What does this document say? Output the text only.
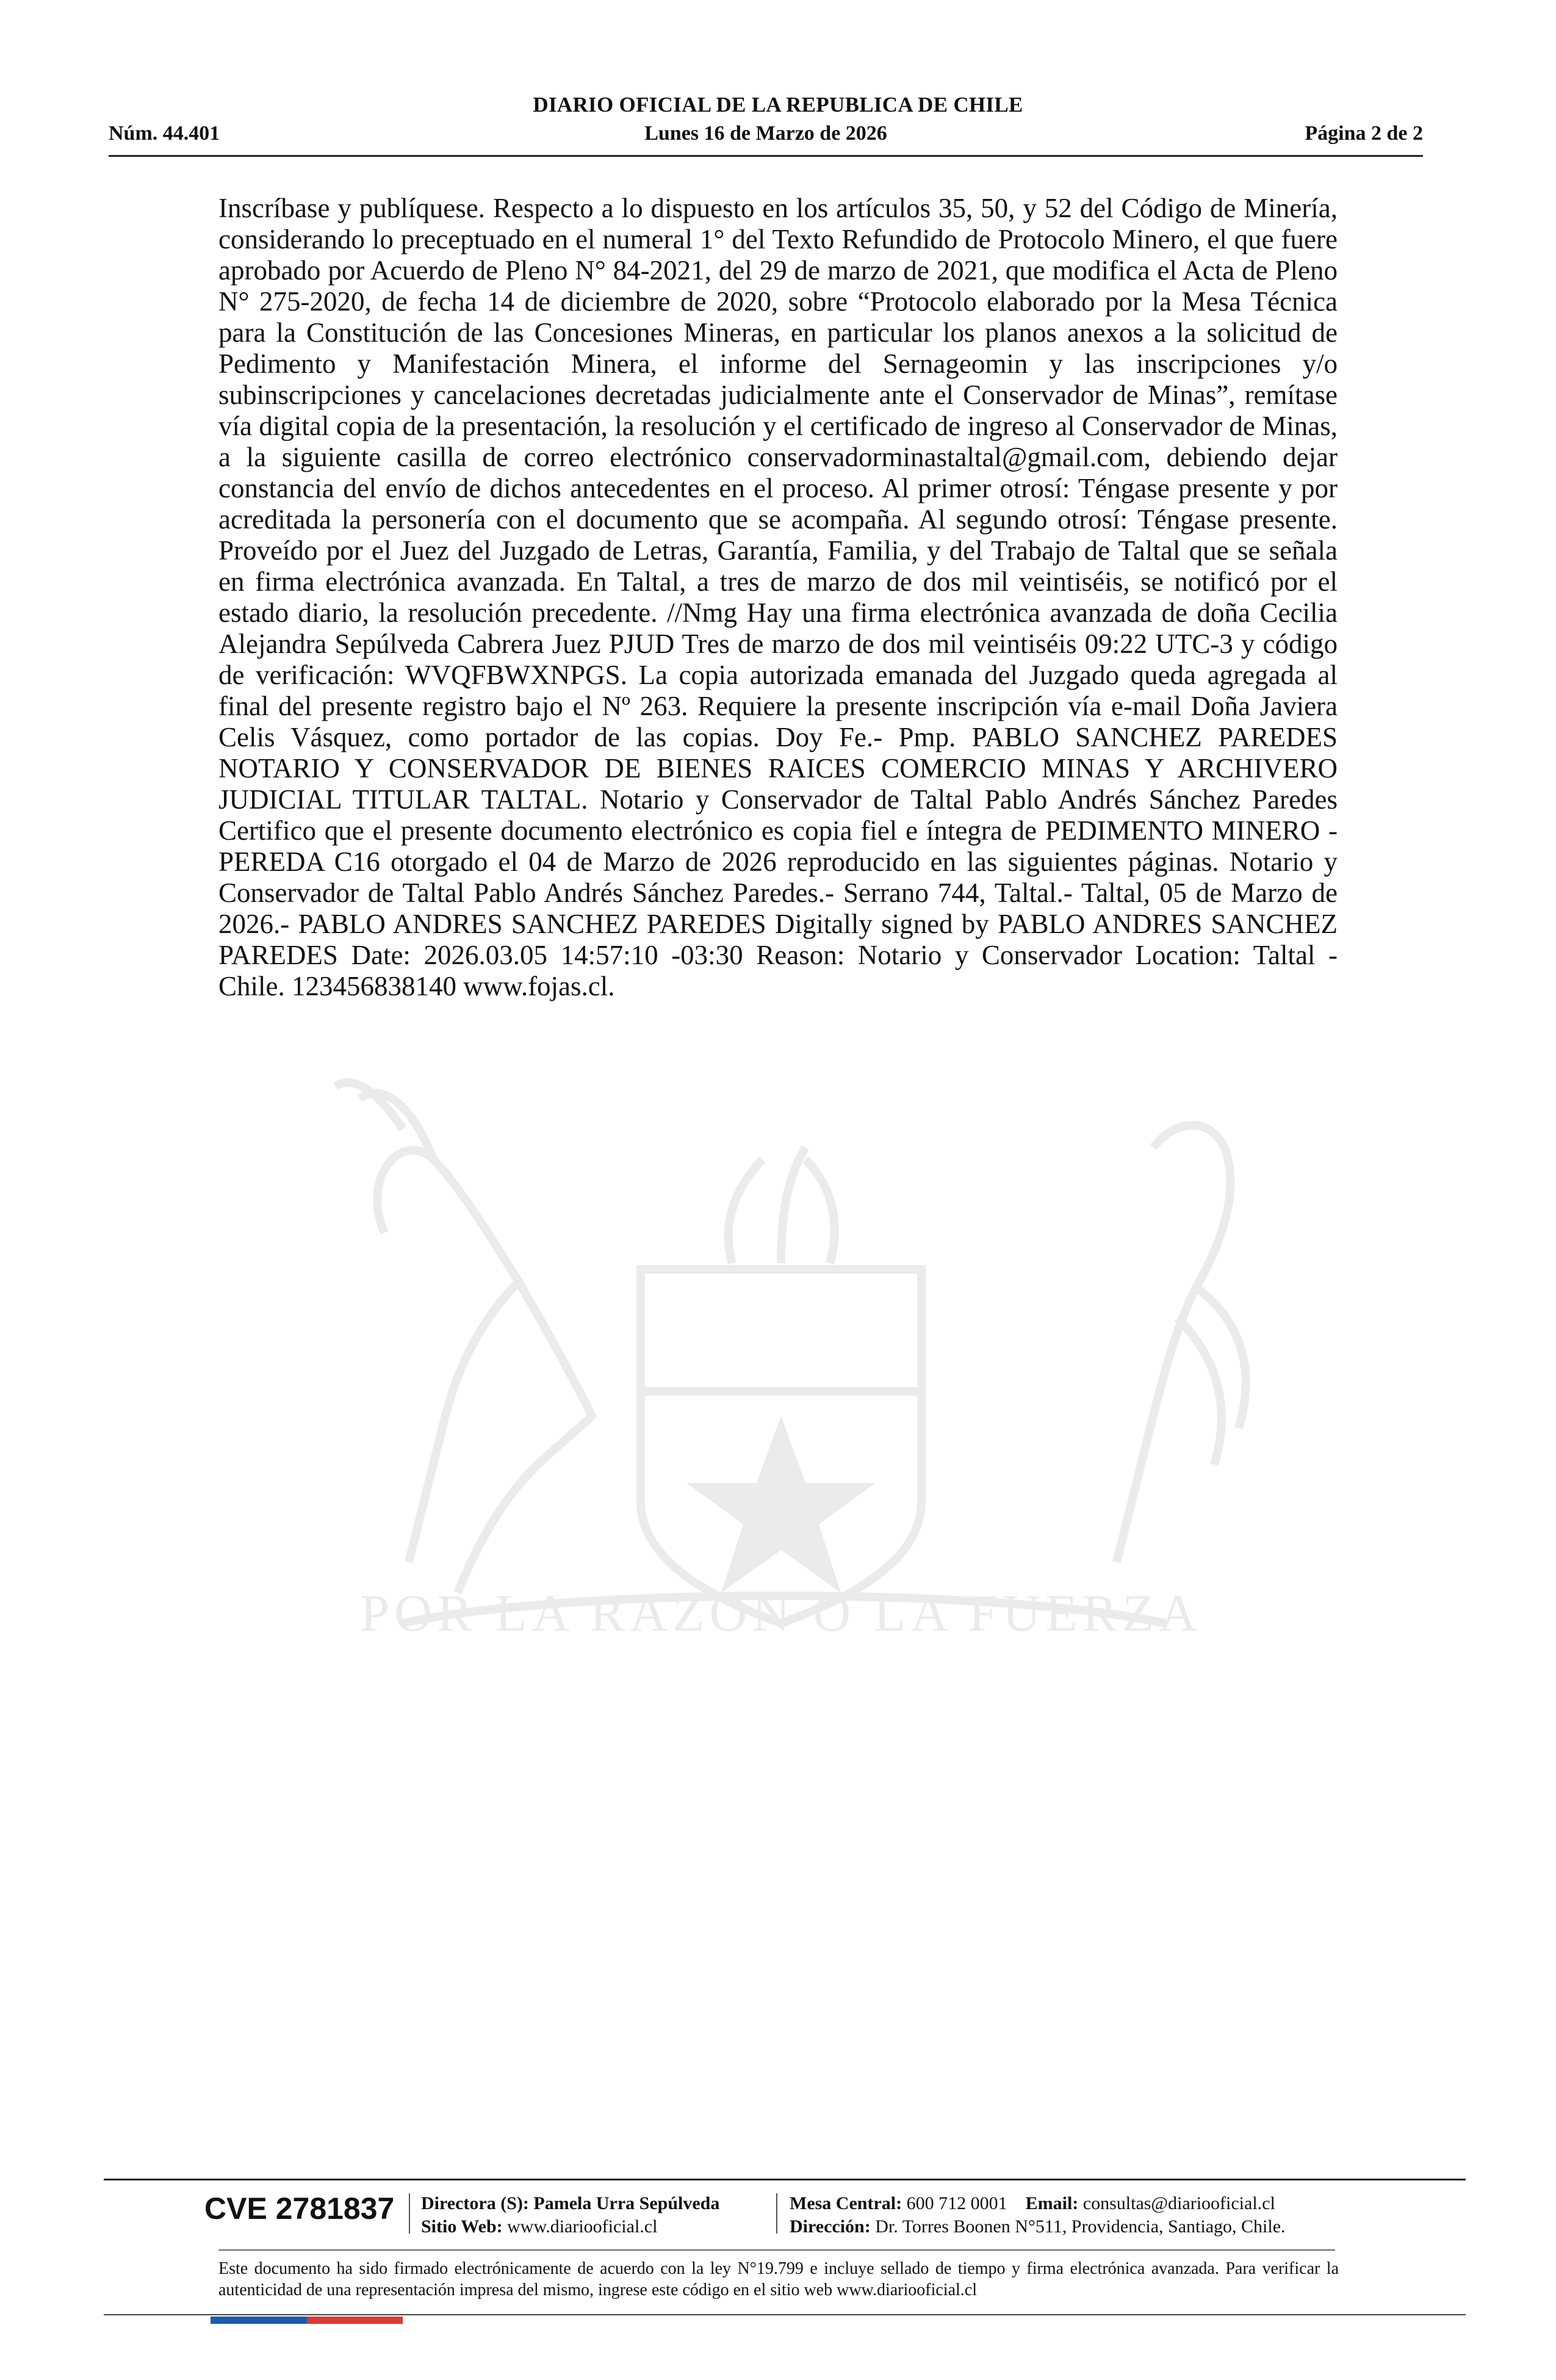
DIARIO OFICIAL DE LA REPUBLICA DE CHILE
Núm. 44.401	Lunes 16 de Marzo de 2026	Página 2 de 2
POR LA RAZON O LA FUERZA
Inscríbase y publíquese. Respecto a lo dispuesto en los artículos 35, 50, y 52 del Código de Minería, considerando lo preceptuado en el numeral 1° del Texto Refundido de Protocolo Minero, el que fuere aprobado por Acuerdo de Pleno N° 84-2021, del 29 de marzo de 2021, que modifica el Acta de Pleno N° 275-2020, de fecha 14 de diciembre de 2020, sobre “Protocolo elaborado por la Mesa Técnica para la Constitución de las Concesiones Mineras, en particular los planos anexos a la solicitud de Pedimento y Manifestación Minera, el informe del Sernageomin y las inscripciones y/o subinscripciones y cancelaciones decretadas judicialmente ante el Conservador de Minas”, remítase vía digital copia de la presentación, la resolución y el certificado de ingreso al Conservador de Minas, a la siguiente casilla de correo electrónico conservadorminastaltal@gmail.com, debiendo dejar constancia del envío de dichos antecedentes en el proceso. Al primer otrosí: Téngase presente y por acreditada la personería con el documento que se acompaña. Al segundo otrosí: Téngase presente. Proveído por el Juez del Juzgado de Letras, Garantía, Familia, y del Trabajo de Taltal que se señala en firma electrónica avanzada. En Taltal, a tres de marzo de dos mil veintiséis, se notificó por el estado diario, la resolución precedente. //Nmg Hay una firma electrónica avanzada de doña Cecilia Alejandra Sepúlveda Cabrera Juez PJUD Tres de marzo de dos mil veintiséis 09:22 UTC-3 y código de verificación: WVQFBWXNPGS. La copia autorizada emanada del Juzgado queda agregada al final del presente registro bajo el Nº 263. Requiere la presente inscripción vía e-mail Doña Javiera Celis Vásquez, como portador de las copias. Doy Fe.- Pmp. PABLO SANCHEZ PAREDES NOTARIO Y CONSERVADOR DE BIENES RAICES COMERCIO MINAS Y ARCHIVERO JUDICIAL TITULAR TALTAL. Notario y Conservador de Taltal Pablo Andrés Sánchez Paredes Certifico que el presente documento electrónico es copia fiel e íntegra de PEDIMENTO MINERO - PEREDA C16 otorgado el 04 de Marzo de 2026 reproducido en las siguientes páginas. Notario y Conservador de Taltal Pablo Andrés Sánchez Paredes.- Serrano 744, Taltal.- Taltal, 05 de Marzo de 2026.- PABLO ANDRES SANCHEZ PAREDES Digitally signed by PABLO ANDRES SANCHEZ PAREDES Date: 2026.03.05 14:57:10 -03:30 Reason: Notario y Conservador Location: Taltal - Chile. 123456838140 www.fojas.cl.
CVE 2781837 Directora (S): Pamela Urra Sepúlveda
Sitio Web: www.diariooficial.cl
Mesa Central: 600 712 0001 Email: consultas@diariooficial.cl
Dirección: Dr. Torres Boonen N°511, Providencia, Santiago, Chile.
Este documento ha sido firmado electrónicamente de acuerdo con la ley N°19.799 e incluye sellado de tiempo y firma electrónica avanzada. Para verificar la autenticidad de una representación impresa del mismo, ingrese este código en el sitio web www.diariooficial.cl
